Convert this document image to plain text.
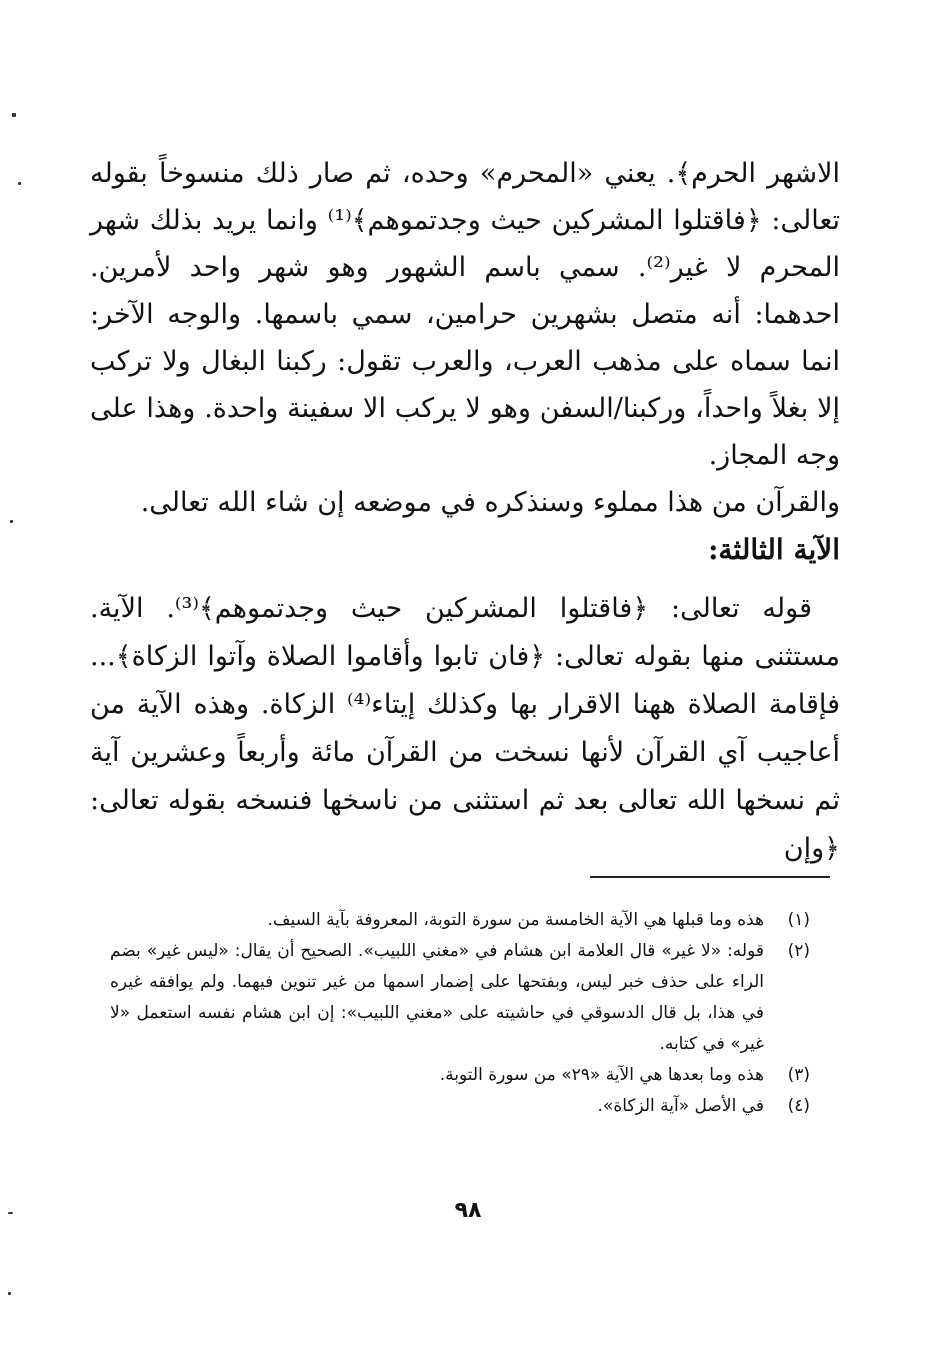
الاشهر الحرم﴾. يعني «المحرم» وحده، ثم صار ذلك منسوخاً بقوله تعالى: ﴿فاقتلوا المشركين حيث وجدتموهم﴾⁽¹⁾ وانما يريد بذلك شهر المحرم لا غير⁽²⁾. سمي باسم الشهور وهو شهر واحد لأمرين. احدهما: أنه متصل بشهرين حرامين، سمي باسمها. والوجه الآخر: انما سماه على مذهب العرب، والعرب تقول: ركبنا البغال ولا تركب إلا بغلاً واحداً، وركبنا/السفن وهو لا يركب الا سفينة واحدة. وهذا على وجه المجاز.

والقرآن من هذا مملوء وسنذكره في موضعه إن شاء الله تعالى.

الآية الثالثة:

قوله تعالى: ﴿فاقتلوا المشركين حيث وجدتموهم﴾⁽³⁾. الآية. مستثنى منها بقوله تعالى: ﴿فان تابوا وأقاموا الصلاة وآتوا الزكاة﴾... فإقامة الصلاة ههنا الاقرار بها وكذلك إيتاء⁽⁴⁾ الزكاة. وهذه الآية من أعاجيب آي القرآن لأنها نسخت من القرآن مائة وأربعاً وعشرين آية ثم نسخها الله تعالى بعد ثم استثنى من ناسخها فنسخه بقوله تعالى: ﴿وإن

(١)
هذه وما قبلها هي الآية الخامسة من سورة التوبة، المعروفة بآية السيف.
(٢)
قوله: «لا غير» قال العلامة ابن هشام في «مغني اللبيب». الصحيح أن يقال: «ليس غير» بضم الراء على حذف خبر ليس، وبفتحها على إضمار اسمها من غير تنوين فيهما. ولم يوافقه غيره في هذا، بل قال الدسوقي في حاشيته على «مغني اللبيب»: إن ابن هشام نفسه استعمل «لا غير» في كتابه.
(٣)
هذه وما بعدها هي الآية «٢٩» من سورة التوبة.
(٤)
في الأصل «آية الزكاة».
٩٨
